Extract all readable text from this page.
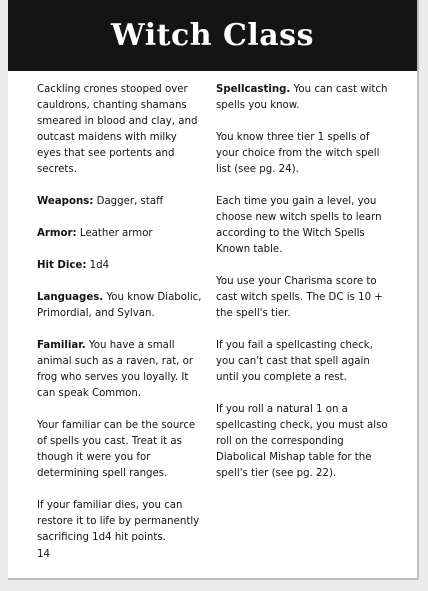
Witch Class

Cackling crones stooped over cauldrons, chanting shamans smeared in blood and clay, and outcast maidens with milky eyes that see portents and secrets.

Weapons: Dagger, staff

Armor: Leather armor

Hit Dice: 1d4

Languages. You know Diabolic, Primordial, and Sylvan.

Familiar. You have a small animal such as a raven, rat, or frog who serves you loyally. It can speak Common.

Your familiar can be the source of spells you cast. Treat it as though it were you for determining spell ranges.

If your familiar dies, you can restore it to life by permanently sacrificing 1d4 hit points.

Spellcasting. You can cast witch spells you know.

You know three tier 1 spells of your choice from the witch spell list (see pg. 24).

Each time you gain a level, you choose new witch spells to learn according to the Witch Spells Known table.

You use your Charisma score to cast witch spells. The DC is 10 + the spell's tier.

If you fail a spellcasting check, you can't cast that spell again until you complete a rest.

If you roll a natural 1 on a spellcasting check, you must also roll on the corresponding Diabolical Mishap table for the spell's tier (see pg. 22).

14
